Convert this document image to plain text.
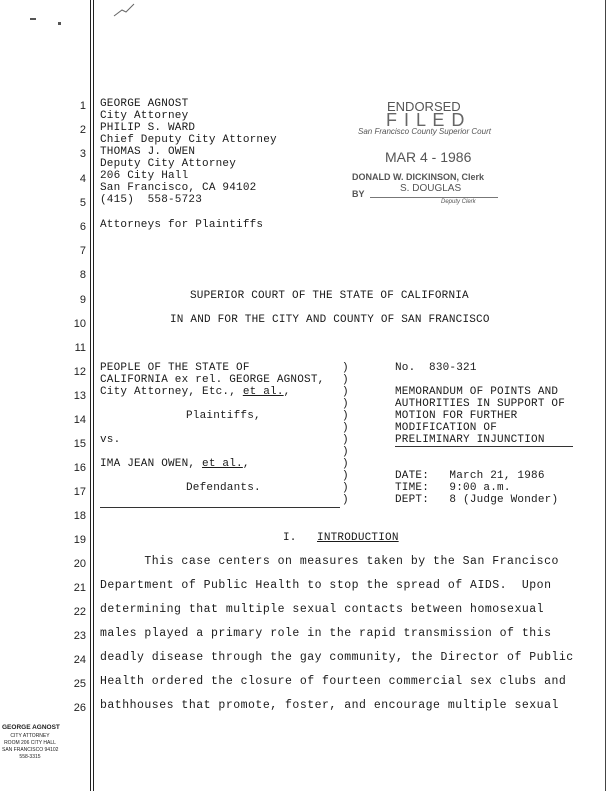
1
2
3
4
5
6
7
8
9
10
11
12
13
14
15
16
17
18
19
20
21
22
23
24
25
26
GEORGE AGNOST
City Attorney
PHILIP S. WARD
Chief Deputy City Attorney
THOMAS J. OWEN
Deputy City Attorney
206 City Hall
San Francisco, CA 94102
(415)  558-5723
Attorneys for Plaintiffs
ENDORSED
F I L E D
San Francisco County Superior Court
MAR 4 - 1986
DONALD W. DICKINSON, Clerk
BY	S. DOUGLAS
Deputy Clerk
SUPERIOR COURT OF THE STATE OF CALIFORNIA
IN AND FOR THE CITY AND COUNTY OF SAN FRANCISCO
PEOPLE OF THE STATE OF
CALIFORNIA ex rel. GEORGE AGNOST,
City Attorney, Etc., et al.,
Plaintiffs,
vs.
IMA JEAN OWEN, et al.,
Defendants.
)
)
)
)
)
)
)
)
)
)
)
)
No. 830-321
MEMORANDUM OF POINTS AND
AUTHORITIES IN SUPPORT OF
MOTION FOR FURTHER
MODIFICATION OF
PRELIMINARY INJUNCTION
DATE: March 21, 1986
TIME: 9:00 a.m.
DEPT: 8 (Judge Wonder)
I. INTRODUCTION
This case centers on measures taken by the San Francisco
Department of Public Health to stop the spread of AIDS.  Upon
determining that multiple sexual contacts between homosexual
males played a primary role in the rapid transmission of this
deadly disease through the gay community, the Director of Public
Health ordered the closure of fourteen commercial sex clubs and
bathhouses that promote, foster, and encourage multiple sexual
GEORGE AGNOST
CITY ATTORNEY
ROOM 206 CITY HALL
SAN FRANCISCO 94102
558-3315
